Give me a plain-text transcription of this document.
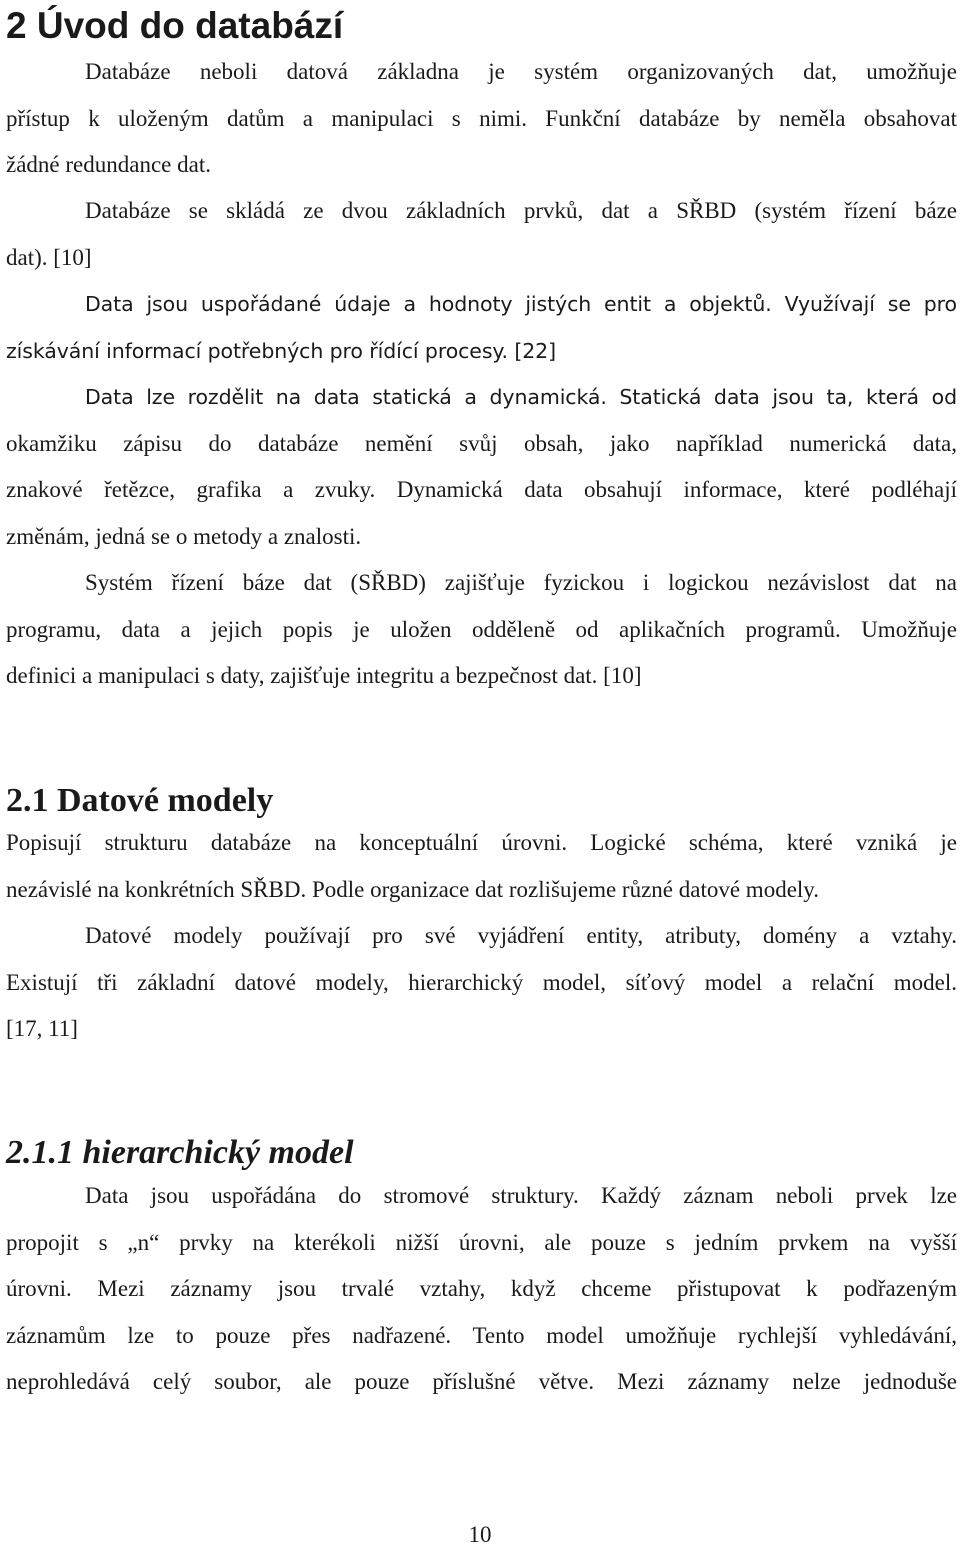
2 Úvod do databází
Databáze neboli datová základna je systém organizovaných dat, umožňuje
přístup k uloženým datům a manipulaci s nimi. Funkční databáze by neměla obsahovat
žádné redundance dat.
Databáze se skládá ze dvou základních prvků, dat a SŘBD (systém řízení báze
dat). [10]
Data jsou uspořádané údaje a hodnoty jistých entit a objektů. Využívají se pro
získávání informací potřebných pro řídící procesy. [22]
Data lze rozdělit na data statická a dynamická. Statická data jsou ta, která od
okamžiku zápisu do databáze nemění svůj obsah, jako například numerická data,
znakové řetězce, grafika a zvuky. Dynamická data obsahují informace, které podléhají
změnám, jedná se o metody a znalosti.
Systém řízení báze dat (SŘBD) zajišťuje fyzickou i logickou nezávislost dat na
programu, data a jejich popis je uložen odděleně od aplikačních programů. Umožňuje
definici a manipulaci s daty, zajišťuje integritu a bezpečnost dat. [10]
2.1 Datové modely
Popisují strukturu databáze na konceptuální úrovni. Logické schéma, které vzniká je
nezávislé na konkrétních SŘBD. Podle organizace dat rozlišujeme různé datové modely.
Datové modely používají pro své vyjádření entity, atributy, domény a vztahy.
Existují tři základní datové modely, hierarchický model, síťový model a relační model.
[17, 11]
2.1.1 hierarchický model
Data jsou uspořádána do stromové struktury. Každý záznam neboli prvek lze
propojit s „n“ prvky na kterékoli nižší úrovni, ale pouze s jedním prvkem na vyšší
úrovni. Mezi záznamy jsou trvalé vztahy, když chceme přistupovat k podřazeným
záznamům lze to pouze přes nadřazené. Tento model umožňuje rychlejší vyhledávání,
neprohledává celý soubor, ale pouze příslušné větve. Mezi záznamy nelze jednoduše
10
